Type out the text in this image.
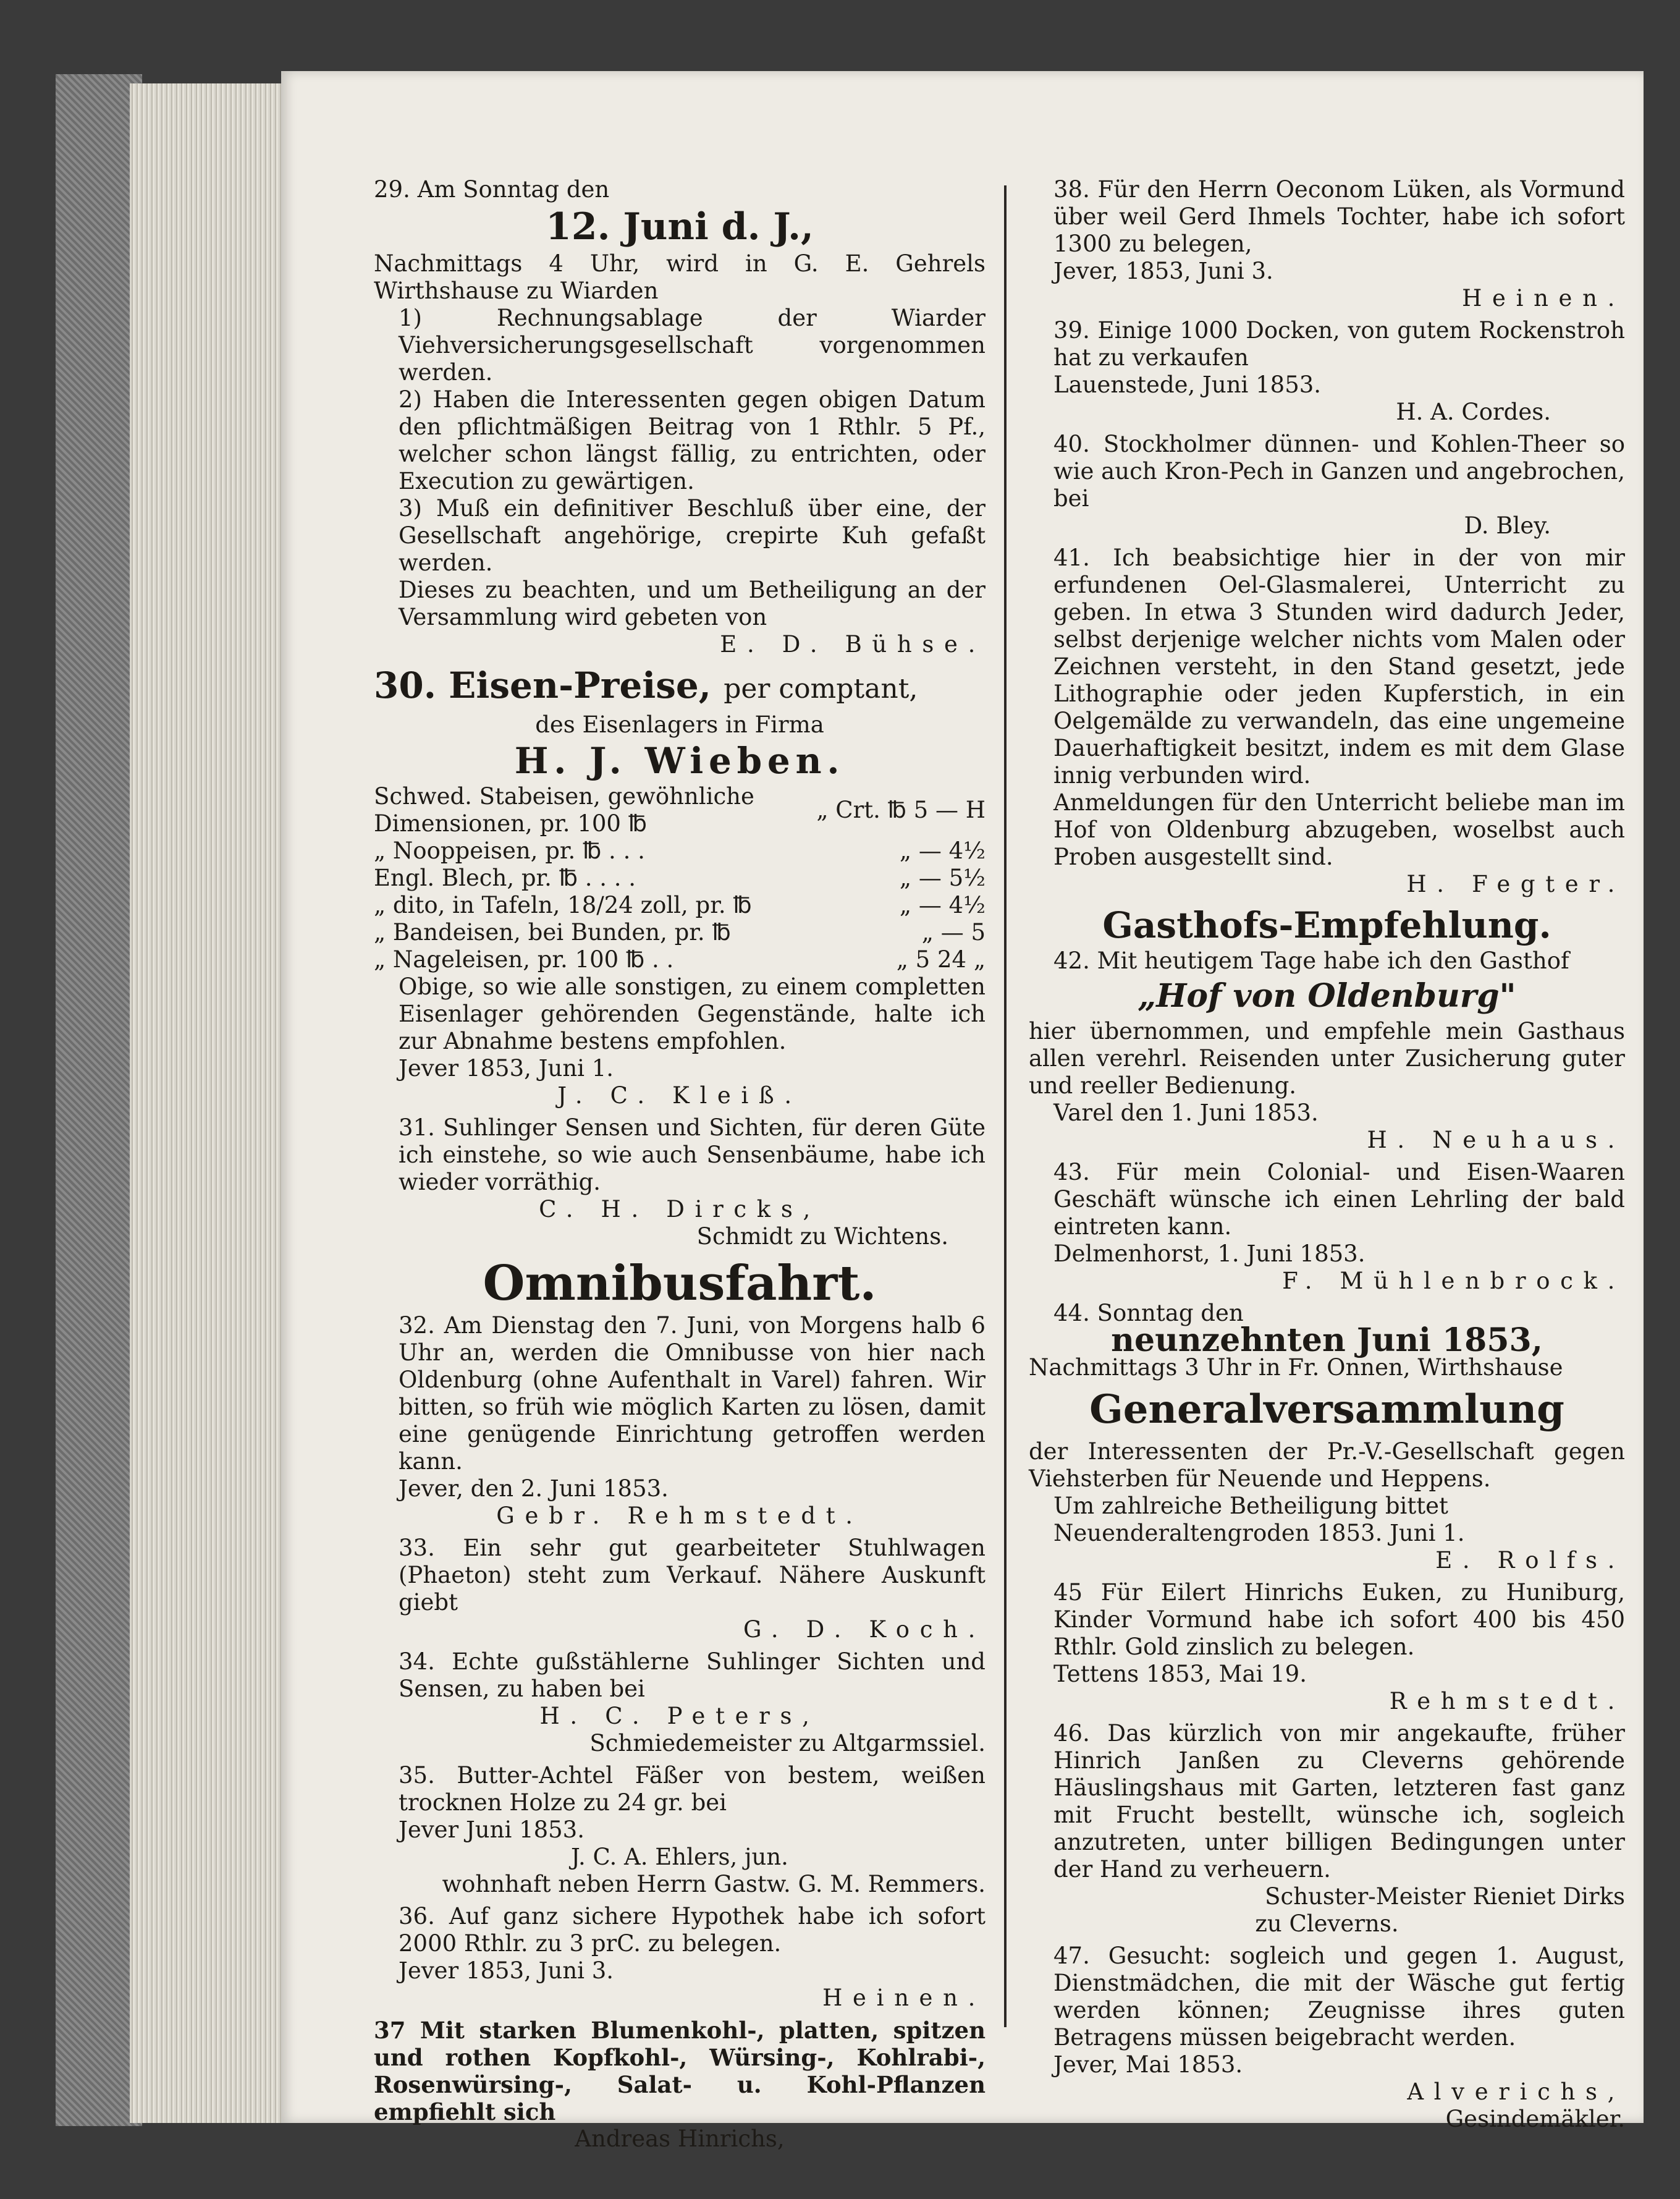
29. Am Sonntag den

12. Juni d. J.,

Nachmittags 4 Uhr, wird in G. E. Gehrels Wirthshause zu Wiarden

1) Rechnungsablage der Wiarder Viehversicherungsgesellschaft vorgenommen werden.

2) Haben die Interessenten gegen obigen Datum den pflichtmäßigen Beitrag von 1 Rthlr. 5 Pf., welcher schon längst fällig, zu entrichten, oder Execution zu gewärtigen.

3) Muß ein definitiver Beschluß über eine, der Gesellschaft angehörige, crepirte Kuh gefaßt werden.

Dieses zu beachten, und um Betheiligung an der Versammlung wird gebeten von

E. D. Bühse.

30. Eisen-Preise, per comptant,

des Eisenlagers in Firma

H. J. Wieben.

Schwed. Stabeisen, gewöhnliche Dimensionen, pr. 100 ℔	„ Crt. ℔ 5 — H
„ Nooppeisen, pr. ℔ . . .	„ — 4½
Engl. Blech, pr. ℔ . . . .	„ — 5½
„ dito, in Tafeln, 18/24 zoll, pr. ℔	„ — 4½
„ Bandeisen, bei Bunden, pr. ℔	„ — 5
„ Nageleisen, pr. 100 ℔ . .	„ 5 24 „

Obige, so wie alle sonstigen, zu einem completten Eisenlager gehörenden Gegenstände, halte ich zur Abnahme bestens empfohlen.

Jever 1853, Juni 1.

J. C. Kleiß.

31. Suhlinger Sensen und Sichten, für deren Güte ich einstehe, so wie auch Sensenbäume, habe ich wieder vorräthig.

C. H. Dircks,

Schmidt zu Wichtens.

Omnibusfahrt.

32. Am Dienstag den 7. Juni, von Morgens halb 6 Uhr an, werden die Omnibusse von hier nach Oldenburg (ohne Aufenthalt in Varel) fahren. Wir bitten, so früh wie möglich Karten zu lösen, damit eine genügende Einrichtung getroffen werden kann.

Jever, den 2. Juni 1853.

Gebr. Rehmstedt.

33. Ein sehr gut gearbeiteter Stuhlwagen (Phaeton) steht zum Verkauf. Nähere Auskunft giebt

G. D. Koch.

34. Echte gußstählerne Suhlinger Sichten und Sensen, zu haben bei

H. C. Peters,

Schmiedemeister zu Altgarmssiel.

35. Butter-Achtel Fäßer von bestem, weißen trocknen Holze zu 24 gr. bei

Jever Juni 1853.

J. C. A. Ehlers, jun.

wohnhaft neben Herrn Gastw. G. M. Remmers.

36. Auf ganz sichere Hypothek habe ich sofort 2000 Rthlr. zu 3 prC. zu belegen.

Jever 1853, Juni 3.

Heinen.

37 Mit starken Blumenkohl-, platten, spitzen und rothen Kopfkohl-, Würsing-, Kohlrabi-, Rosenwürsing-, Salat- u. Kohl-Pflanzen empfiehlt sich

Andreas Hinrichs,

38. Für den Herrn Oeconom Lüken, als Vormund über weil Gerd Ihmels Tochter, habe ich sofort 1300 zu belegen,

Jever, 1853, Juni 3.

Heinen.

39. Einige 1000 Docken, von gutem Rockenstroh hat zu verkaufen

Lauenstede, Juni 1853.

H. A. Cordes.

40. Stockholmer dünnen- und Kohlen-Theer so wie auch Kron-Pech in Ganzen und angebrochen, bei

D. Bley.

41. Ich beabsichtige hier in der von mir erfundenen Oel-Glasmalerei, Unterricht zu geben. In etwa 3 Stunden wird dadurch Jeder, selbst derjenige welcher nichts vom Malen oder Zeichnen versteht, in den Stand gesetzt, jede Lithographie oder jeden Kupferstich, in ein Oelgemälde zu verwandeln, das eine ungemeine Dauerhaftigkeit besitzt, indem es mit dem Glase innig verbunden wird.

Anmeldungen für den Unterricht beliebe man im Hof von Oldenburg abzugeben, woselbst auch Proben ausgestellt sind.

H. Fegter.

Gasthofs-Empfehlung.

42. Mit heutigem Tage habe ich den Gasthof

„Hof von Oldenburg"

hier übernommen, und empfehle mein Gasthaus allen verehrl. Reisenden unter Zusicherung guter und reeller Bedienung.

Varel den 1. Juni 1853.

H. Neuhaus.

43. Für mein Colonial- und Eisen-Waaren Geschäft wünsche ich einen Lehrling der bald eintreten kann.

Delmenhorst, 1. Juni 1853.

F. Mühlenbrock.

44. Sonntag den

neunzehnten Juni 1853,

Nachmittags 3 Uhr in Fr. Onnen, Wirthshause

Generalversammlung

der Interessenten der Pr.-V.-Gesellschaft gegen Viehsterben für Neuende und Heppens.

Um zahlreiche Betheiligung bittet

Neuenderaltengroden 1853. Juni 1.

E. Rolfs.

45 Für Eilert Hinrichs Euken, zu Huniburg, Kinder Vormund habe ich sofort 400 bis 450 Rthlr. Gold zinslich zu belegen.

Tettens 1853, Mai 19.

Rehmstedt.

46. Das kürzlich von mir angekaufte, früher Hinrich Janßen zu Cleverns gehörende Häuslingshaus mit Garten, letzteren fast ganz mit Frucht bestellt, wünsche ich, sogleich anzutreten, unter billigen Bedingungen unter der Hand zu verheuern.

Schuster-Meister Rieniet Dirks

zu Cleverns.

47. Gesucht: sogleich und gegen 1. August, Dienstmädchen, die mit der Wäsche gut fertig werden können; Zeugnisse ihres guten Betragens müssen beigebracht werden.

Jever, Mai 1853.

Alverichs,

Gesindemäkler.
